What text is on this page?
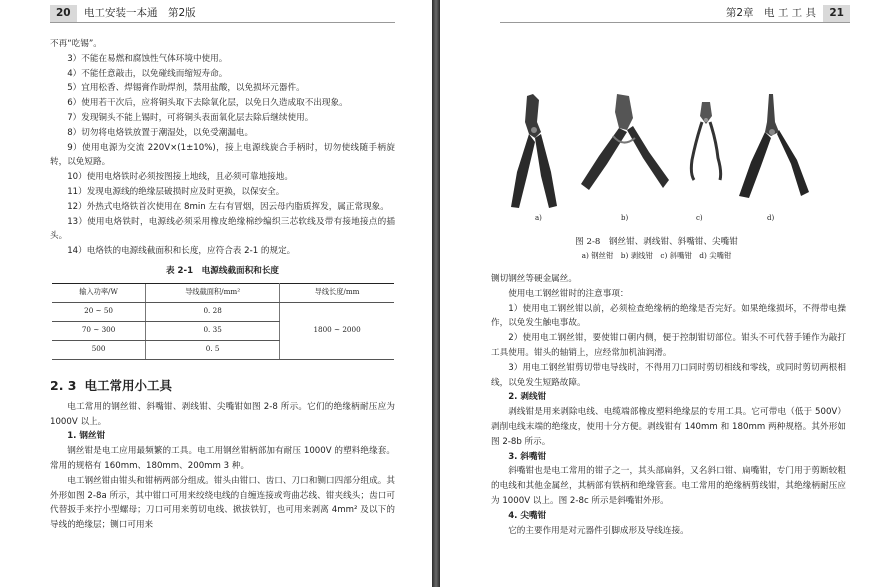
20 电工安装一本通　第2版

不再“吃锡”。

3）不能在易燃和腐蚀性气体环境中使用。

4）不能任意敲击，以免碰线而缩短寿命。

5）宜用松香、焊锡膏作助焊剂，禁用盐酸，以免损坏元器件。

6）使用若干次后，应将铜头取下去除氧化层，以免日久造成取不出现象。

7）发现铜头不能上锡时，可将铜头表面氧化层去除后继续使用。

8）切勿将电烙铁放置于潮湿处，以免受潮漏电。

9）使用电源为交流 220V×(1±10%)，接上电源线旋合手柄时，切勿使线随手柄旋转，以免短路。

10）使用电烙铁时必须按图接上地线，且必须可靠地接地。

11）发现电源线的绝缘层破损时应及时更换，以保安全。

12）外热式电烙铁首次使用在 8min 左右有冒烟，因云母内脂质挥发，属正常现象。

13）使用电烙铁时，电源线必须采用橡皮绝缘棉纱编织三芯软线及带有接地接点的插头。

14）电烙铁的电源线截面积和长度，应符合表 2-1 的规定。

表 2-1　电源线截面积和长度
输入功率/W	导线截面积/mm²	导线长度/mm
20 ~ 50	0. 28	1800 ~ 2000
70 ~ 300	0. 35	
500	0. 5	
2. 3 电工常用小工具

电工常用的钢丝钳、斜嘴钳、剥线钳、尖嘴钳如图 2-8 所示。它们的绝缘柄耐压应为 1000V 以上。

1. 钢丝钳

钢丝钳是电工应用最频繁的工具。电工用钢丝钳柄部加有耐压 1000V 的塑料绝缘套。常用的规格有 160mm、180mm、200mm 3 种。

电工钢丝钳由钳头和钳柄两部分组成。钳头由钳口、齿口、刀口和铡口四部分组成。其外形如图 2-8a 所示，其中钳口可用来绞绕电线的自缠连接或弯曲芯线、钳夹线头；齿口可代替扳手来拧小型螺母；刀口可用来剪切电线、掀拔铁钉，也可用来剥离 4mm² 及以下的导线的绝缘层；铡口可用来

第2章　电 工 工 具 21
a)	b)	c)	d)
图 2-8　钢丝钳、剥线钳、斜嘴钳、尖嘴钳
a) 钢丝钳　b) 剥线钳　c) 斜嘴钳　d) 尖嘴钳

铡切钢丝等硬金属丝。

使用电工钢丝钳时的注意事项：

1）使用电工钢丝钳以前，必须检查绝缘柄的绝缘是否完好。如果绝缘损坏，不得带电操作，以免发生触电事故。

2）使用电工钢丝钳，要使钳口朝内侧，便于控制钳切部位。钳头不可代替手锤作为敲打工具使用。钳头的轴销上，应经常加机油润滑。

3）用电工钢丝钳剪切带电导线时，不得用刀口同时剪切相线和零线，或同时剪切两根相线，以免发生短路故障。

2. 剥线钳

剥线钳是用来剥除电线、电缆端部橡皮塑料绝缘层的专用工具。它可带电（低于 500V）剥削电线末端的绝缘皮，使用十分方便。剥线钳有 140mm 和 180mm 两种规格。其外形如图 2-8b 所示。

3. 斜嘴钳

斜嘴钳也是电工常用的钳子之一，其头部扁斜，又名斜口钳、扁嘴钳，专门用于剪断较粗的电线和其他金属丝，其柄部有铁柄和绝缘管套。电工常用的绝缘柄剪线钳，其绝缘柄耐压应为 1000V 以上。图 2-8c 所示是斜嘴钳外形。

4. 尖嘴钳

它的主要作用是对元器件引脚成形及导线连接。
